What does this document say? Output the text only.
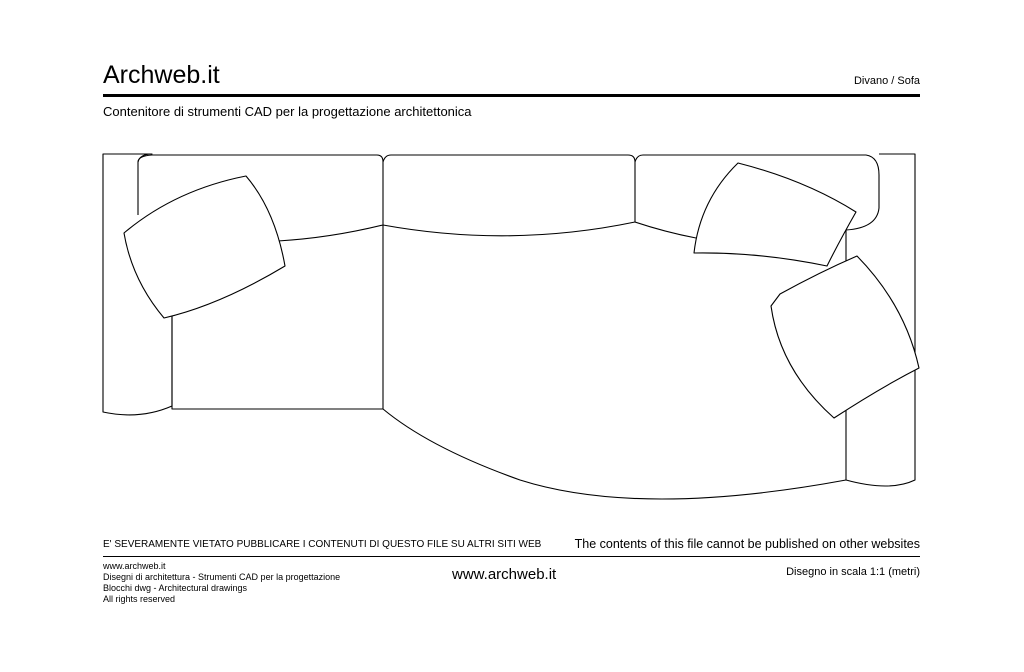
Archweb.it	Divano / Sofa
Contenitore di strumenti CAD per la progettazione architettonica
E' SEVERAMENTE VIETATO PUBBLICARE I CONTENUTI DI QUESTO FILE SU ALTRI SITI WEB	The contents of this file cannot be published on other websites
www.archweb.it
Disegni di architettura - Strumenti CAD per la progettazione
Blocchi dwg - Architectural drawings
All rights reserved
www.archweb.it	Disegno in scala 1:1 (metri)
